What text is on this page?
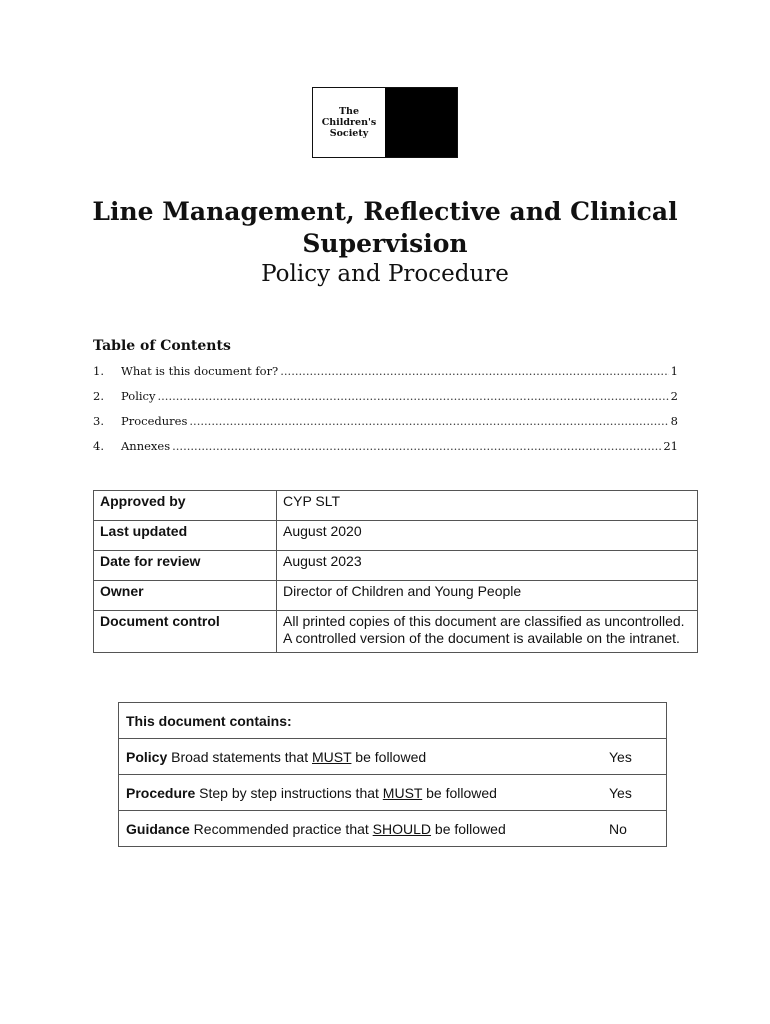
The
Children's
Society
Line Management, Reflective and Clinical Supervision
Policy and Procedure
Table of Contents
1.	What is this document for? .....	1
2.	Policy .....	2
3.	Procedures .....	8
4.	Annexes .....	21
Approved by	CYP SLT
Last updated	August 2020
Date for review	August 2023
Owner	Director of Children and Young People
Document control	All printed copies of this document are classified as uncontrolled. A controlled version of the document is available on the intranet.
This document contains:	
Policy Broad statements that MUST be followed	Yes
Procedure Step by step instructions that MUST be followed	Yes
Guidance Recommended practice that SHOULD be followed	No
